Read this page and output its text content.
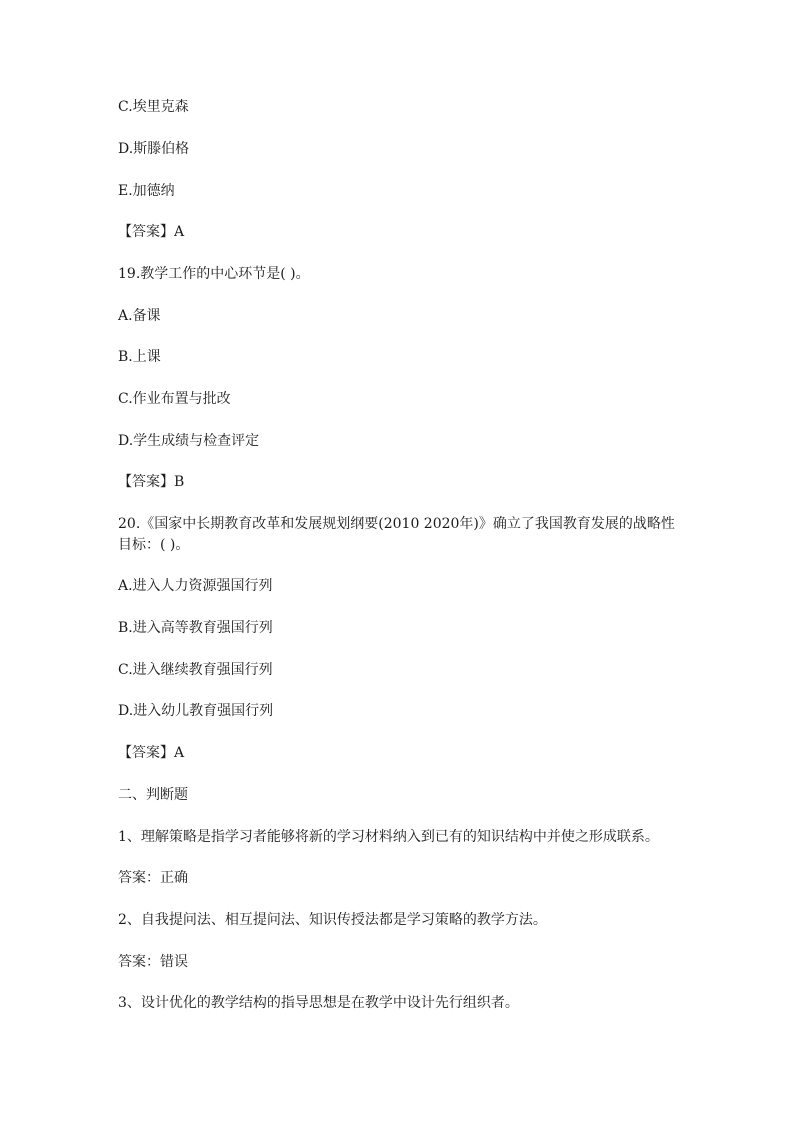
C.埃里克森
D.斯滕伯格
E.加德纳
【答案】A
19.教学工作的中心环节是( )。
A.备课
B.上课
C.作业布置与批改
D.学生成绩与检查评定
【答案】B
20.《国家中长期教育改革和发展规划纲要(2010 2020年)》确立了我国教育发展的战略性
目标：( )。
A.进入人力资源强国行列
B.进入高等教育强国行列
C.进入继续教育强国行列
D.进入幼儿教育强国行列
【答案】A
二、判断题
1、理解策略是指学习者能够将新的学习材料纳入到已有的知识结构中并使之形成联系。
答案：正确
2、自我提问法、相互提问法、知识传授法都是学习策略的教学方法。
答案：错误
3、设计优化的教学结构的指导思想是在教学中设计先行组织者。
